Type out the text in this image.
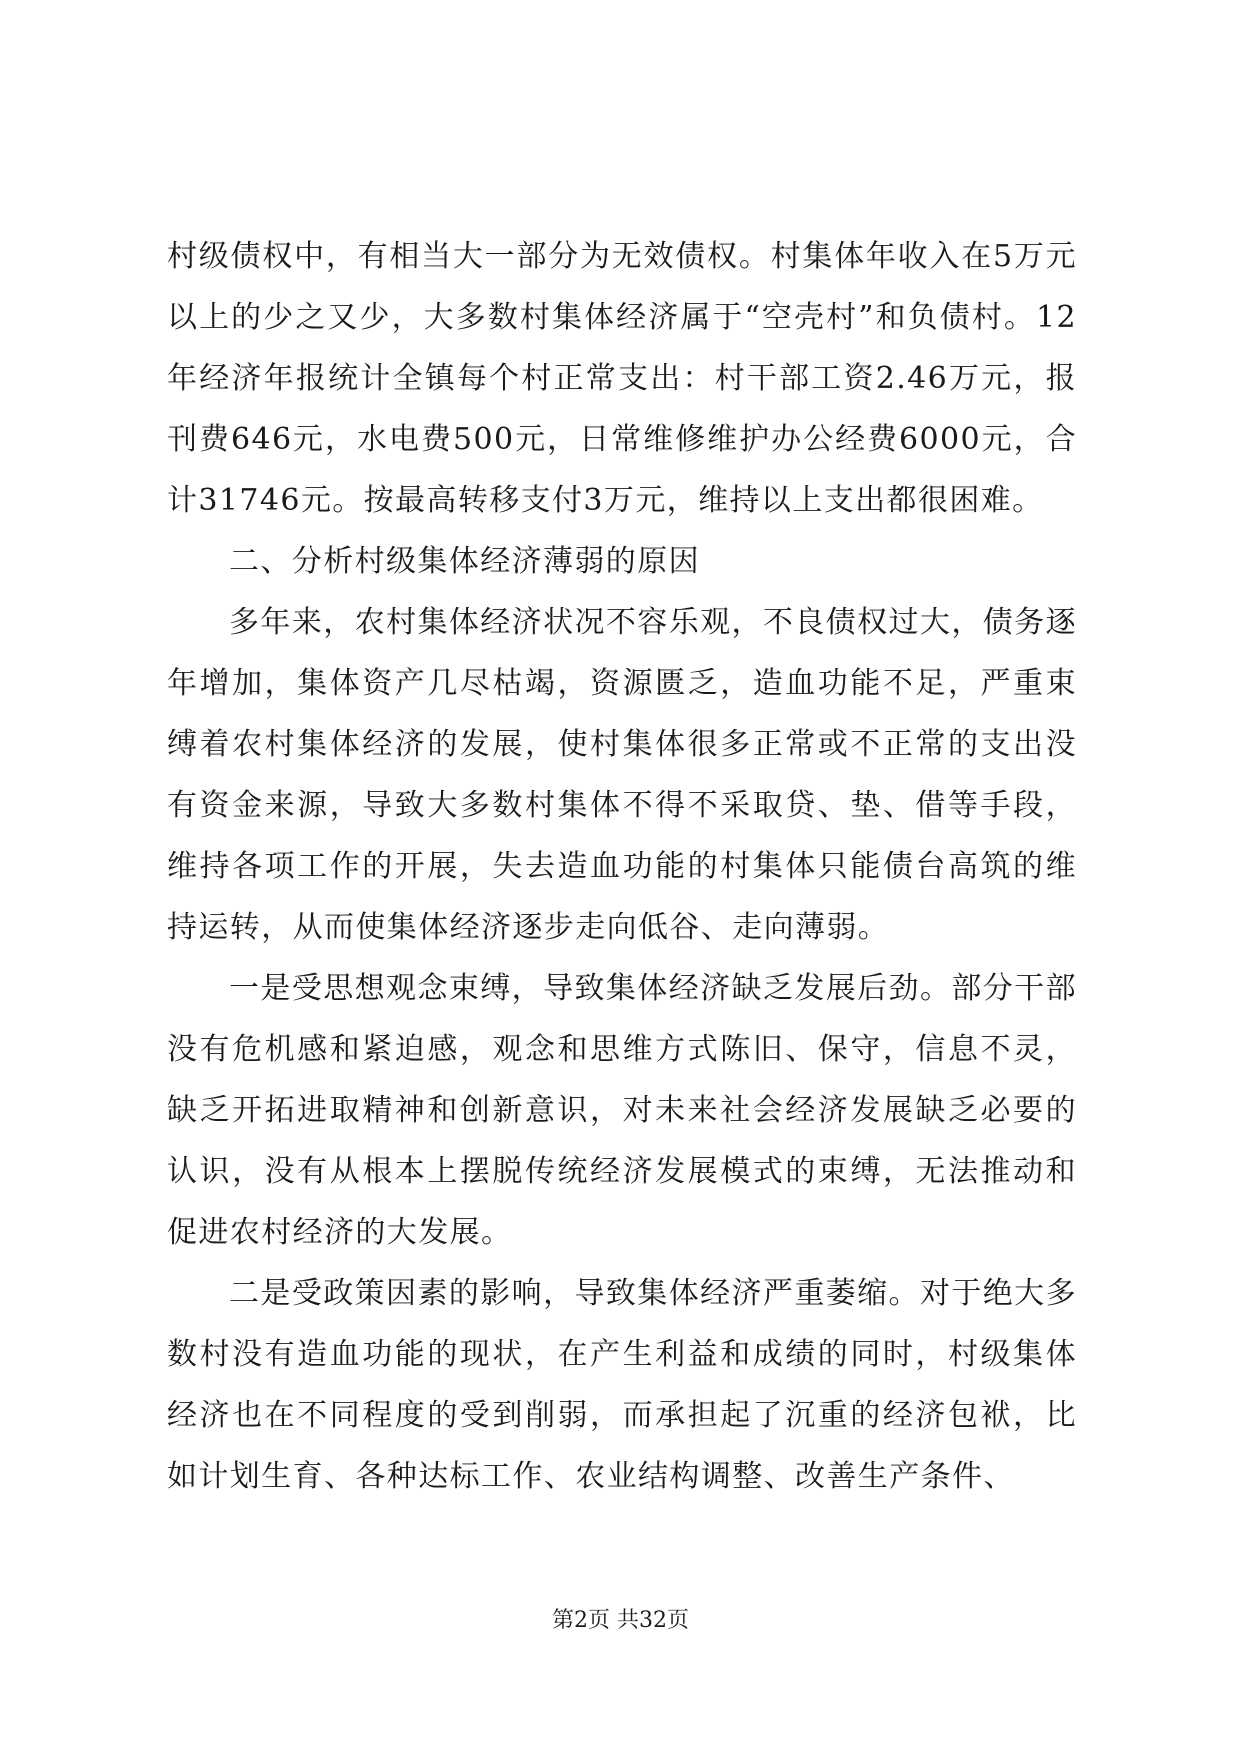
村级债权中，有相当大一部分为无效债权。村集体年收入在5万元以上的少之又少，大多数村集体经济属于“空壳村”和负债村。12年经济年报统计全镇每个村正常支出：村干部工资2.46万元，报刊费646元，水电费500元，日常维修维护办公经费6000元，合计31746元。按最高转移支付3万元，维持以上支出都很困难。

二、分析村级集体经济薄弱的原因

多年来，农村集体经济状况不容乐观，不良债权过大，债务逐年增加，集体资产几尽枯竭，资源匮乏，造血功能不足，严重束缚着农村集体经济的发展，使村集体很多正常或不正常的支出没有资金来源，导致大多数村集体不得不采取贷、垫、借等手段，维持各项工作的开展，失去造血功能的村集体只能债台高筑的维持运转，从而使集体经济逐步走向低谷、走向薄弱。

一是受思想观念束缚，导致集体经济缺乏发展后劲。部分干部没有危机感和紧迫感，观念和思维方式陈旧、保守，信息不灵，缺乏开拓进取精神和创新意识，对未来社会经济发展缺乏必要的认识，没有从根本上摆脱传统经济发展模式的束缚，无法推动和促进农村经济的大发展。

二是受政策因素的影响，导致集体经济严重萎缩。对于绝大多数村没有造血功能的现状，在产生利益和成绩的同时，村级集体经济也在不同程度的受到削弱，而承担起了沉重的经济包袱，比如计划生育、各种达标工作、农业结构调整、改善生产条件、

第2页 共32页
